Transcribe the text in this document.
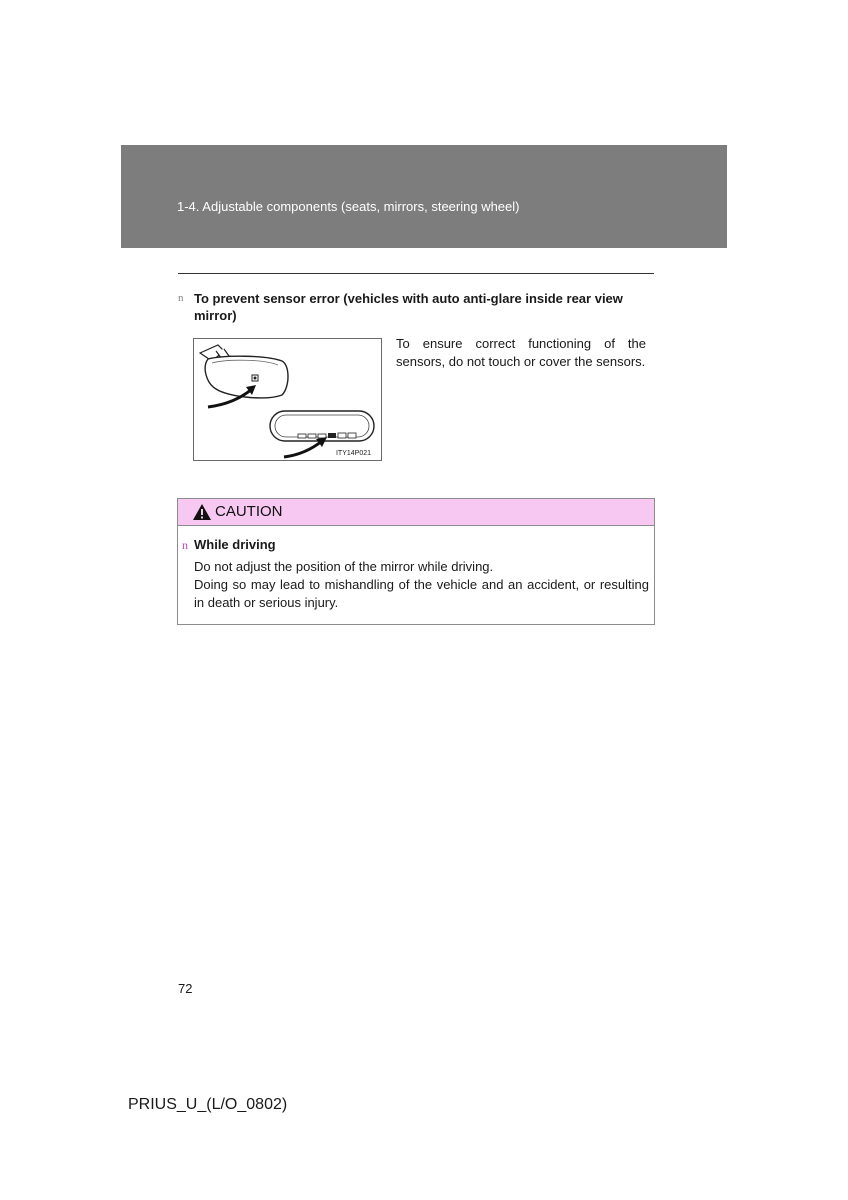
1-4. Adjustable components (seats, mirrors, steering wheel)
n To prevent sensor error (vehicles with auto anti-glare inside rear view mirror)
ITY14P021
To ensure correct functioning of the sensors, do not touch or cover the sensors.
CAUTION
n While driving

Do not adjust the position of the mirror while driving.

Doing so may lead to mishandling of the vehicle and an accident, or resulting in death or serious injury.

72
PRIUS_U_(L/O_0802)
